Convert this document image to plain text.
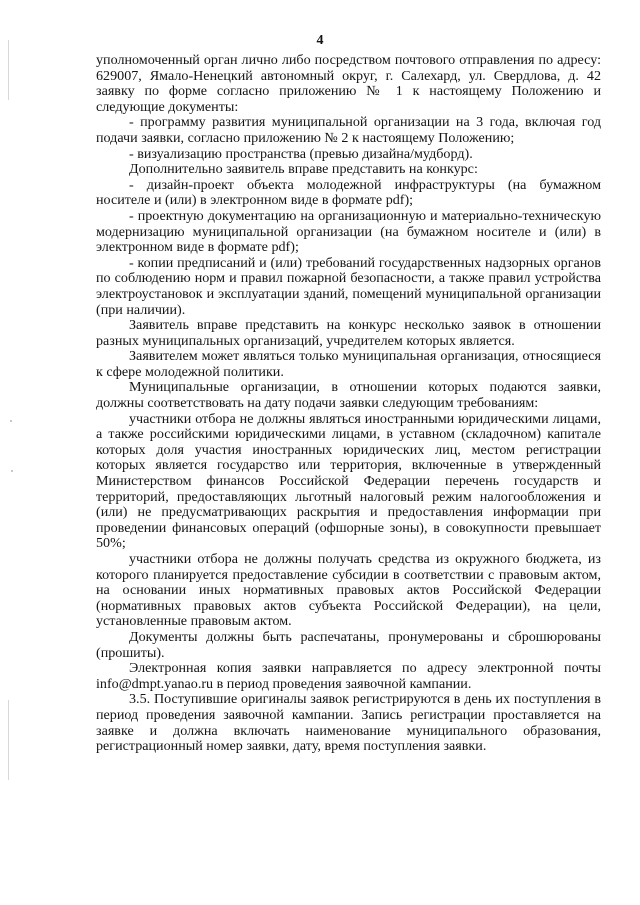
4

уполномоченный орган лично либо посредством почтового отправления по адресу: 629007, Ямало-Ненецкий автономный округ, г. Салехард, ул. Свердлова, д. 42 заявку по форме согласно приложению № 1 к настоящему Положению и следующие документы:

- программу развития муниципальной организации на 3 года, включая год подачи заявки, согласно приложению № 2 к настоящему Положению;

- визуализацию пространства (превью дизайна/мудборд).

Дополнительно заявитель вправе представить на конкурс:

- дизайн-проект объекта молодежной инфраструктуры (на бумажном носителе и (или) в электронном виде в формате pdf);

- проектную документацию на организационную и материально-техническую модернизацию муниципальной организации (на бумажном носителе и (или) в электронном виде в формате pdf);

- копии предписаний и (или) требований государственных надзорных органов по соблюдению норм и правил пожарной безопасности, а также правил устройства электроустановок и эксплуатации зданий, помещений муниципальной организации (при наличии).

Заявитель вправе представить на конкурс несколько заявок в отношении разных муниципальных организаций, учредителем которых является.

Заявителем может являться только муниципальная организация, относящиеся к сфере молодежной политики.

Муниципальные организации, в отношении которых подаются заявки, должны соответствовать на дату подачи заявки следующим требованиям:

участники отбора не должны являться иностранными юридическими лицами, а также российскими юридическими лицами, в уставном (складочном) капитале которых доля участия иностранных юридических лиц, местом регистрации которых является государство или территория, включенные в утвержденный Министерством финансов Российской Федерации перечень государств и территорий, предоставляющих льготный налоговый режим налогообложения и (или) не предусматривающих раскрытия и предоставления информации при проведении финансовых операций (офшорные зоны), в совокупности превышает 50%;

участники отбора не должны получать средства из окружного бюджета, из которого планируется предоставление субсидии в соответствии с правовым актом, на основании иных нормативных правовых актов Российской Федерации (нормативных правовых актов субъекта Российской Федерации), на цели, установленные правовым актом.

Документы должны быть распечатаны, пронумерованы и сброшюрованы (прошиты).

Электронная копия заявки направляется по адресу электронной почты info@dmpt.yanao.ru в период проведения заявочной кампании.

3.5. Поступившие оригиналы заявок регистрируются в день их поступления в период проведения заявочной кампании. Запись регистрации проставляется на заявке и должна включать наименование муниципального образования, регистрационный номер заявки, дату, время поступления заявки.
